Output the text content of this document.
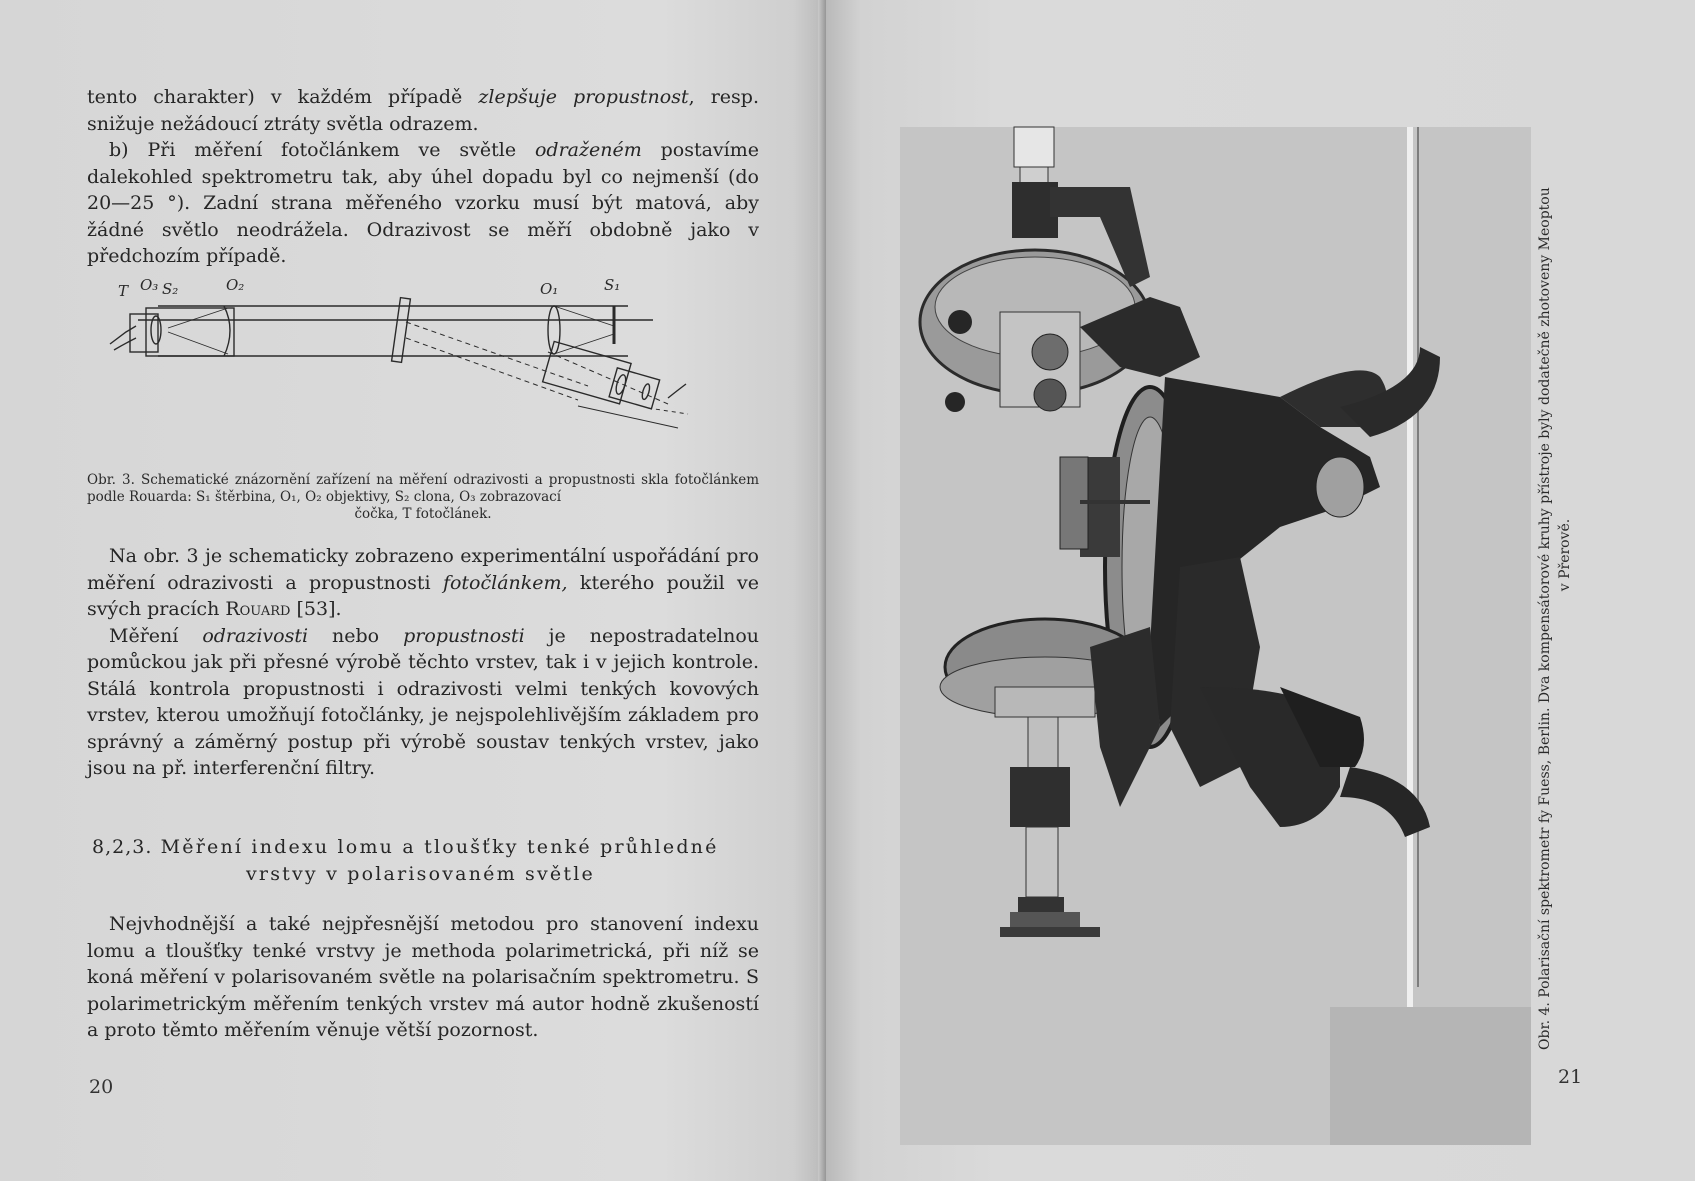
tento charakter) v každém případě zlepšuje propustnost, resp. snižuje nežádoucí ztráty světla odrazem.

b) Při měření fotočlánkem ve světle odraženém postavíme dalekohled spektrometru tak, aby úhel dopadu byl co nejmenší (do 20—25 °). Zadní strana měřeného vzorku musí být matová, aby žádné světlo neodrážela. Odrazivost se měří obdobně jako v předchozím případě.

T O₃ S₂	O₂	O₁	S₁
Obr. 3. Schematické znázornění zařízení na měření odrazivosti a propustnosti skla fotočlánkem podle Rouarda: S₁ štěrbina, O₁, O₂ objektivy, S₂ clona, O₃ zobrazovací
čočka, T fotočlánek.

Na obr. 3 je schematicky zobrazeno experimentální uspořádání pro měření odrazivosti a propustnosti fotočlánkem, kterého použil ve svých pracích Rouard [53].

Měření odrazivosti nebo propustnosti je nepostradatelnou pomůckou jak při přesné výrobě těchto vrstev, tak i v jejich kontrole. Stálá kontrola propustnosti i odrazivosti velmi tenkých kovových vrstev, kterou umožňují fotočlánky, je nejspolehlivějším základem pro správný a záměrný postup při výrobě soustav tenkých vrstev, jako jsou na př. interferenční filtry.

8,2,3. Měření indexu lomu a tloušťky tenké průhledné
vrstvy v polarisovaném světle

Nejvhodnější a také nejpřesnější metodou pro stanovení indexu lomu a tloušťky tenké vrstvy je methoda polarimetrická, při níž se koná měření v polarisovaném světle na polarisačním spektrometru. S polarimetrickým měřením tenkých vrstev má autor hodně zkušeností a proto těmto měřením věnuje větší pozornost.

20
Obr. 4. Polarisační spektrometr fy Fuess, Berlin. Dva kompensátorové kruhy přístroje byly dodatečně zhotoveny Meoptou v Přerově.
21
